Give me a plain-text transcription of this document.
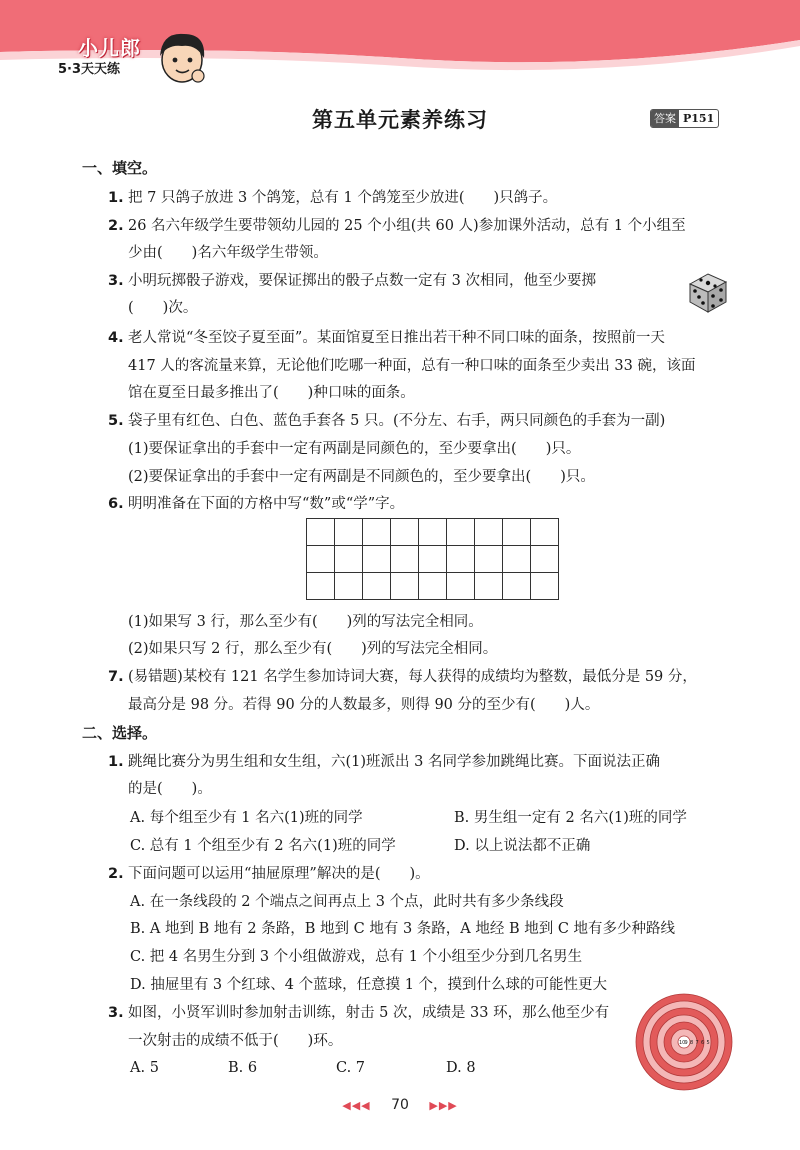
小儿郎
5·3天天练
第五单元素养练习	答案 P151
一、填空。
1. 把 7 只鸽子放进 3 个鸽笼，总有 1 个鸽笼至少放进(　　)只鸽子。
2. 26 名六年级学生要带领幼儿园的 25 个小组(共 60 人)参加课外活动，总有 1 个小组至
少由(　　)名六年级学生带领。
3. 小明玩掷骰子游戏，要保证掷出的骰子点数一定有 3 次相同，他至少要掷
(　　)次。
4. 老人常说“冬至饺子夏至面”。某面馆夏至日推出若干种不同口味的面条，按照前一天
417 人的客流量来算，无论他们吃哪一种面，总有一种口味的面条至少卖出 33 碗，该面
馆在夏至日最多推出了(　　)种口味的面条。
5. 袋子里有红色、白色、蓝色手套各 5 只。(不分左、右手，两只同颜色的手套为一副)
(1)要保证拿出的手套中一定有两副是同颜色的，至少要拿出(　　)只。
(2)要保证拿出的手套中一定有两副是不同颜色的，至少要拿出(　　)只。
6. 明明准备在下面的方格中写“数”或“学”字。
(1)如果写 3 行，那么至少有(　　)列的写法完全相同。
(2)如果只写 2 行，那么至少有(　　)列的写法完全相同。
7. (易错题)某校有 121 名学生参加诗词大赛，每人获得的成绩均为整数，最低分是 59 分，
最高分是 98 分。若得 90 分的人数最多，则得 90 分的至少有(　　)人。
二、选择。
1. 跳绳比赛分为男生组和女生组，六(1)班派出 3 名同学参加跳绳比赛。下面说法正确
的是(　　)。
A. 每个组至少有 1 名六(1)班的同学	B. 男生组一定有 2 名六(1)班的同学
C. 总有 1 个组至少有 2 名六(1)班的同学	D. 以上说法都不正确
2. 下面问题可以运用“抽屉原理”解决的是(　　)。
A. 在一条线段的 2 个端点之间再点上 3 个点，此时共有多少条线段
B. A 地到 B 地有 2 条路，B 地到 C 地有 3 条路，A 地经 B 地到 C 地有多少种路线
C. 把 4 名男生分到 3 个小组做游戏，总有 1 个小组至少分到几名男生
D. 抽屉里有 3 个红球、4 个蓝球，任意摸 1 个，摸到什么球的可能性更大
3. 如图，小贤军训时参加射击训练，射击 5 次，成绩是 33 环，那么他至少有
一次射击的成绩不低于(　　)环。
A. 5	B. 6	C. 7	D. 8

10 9 8 7 6 5
◀◀◀ 70 ▶▶▶
